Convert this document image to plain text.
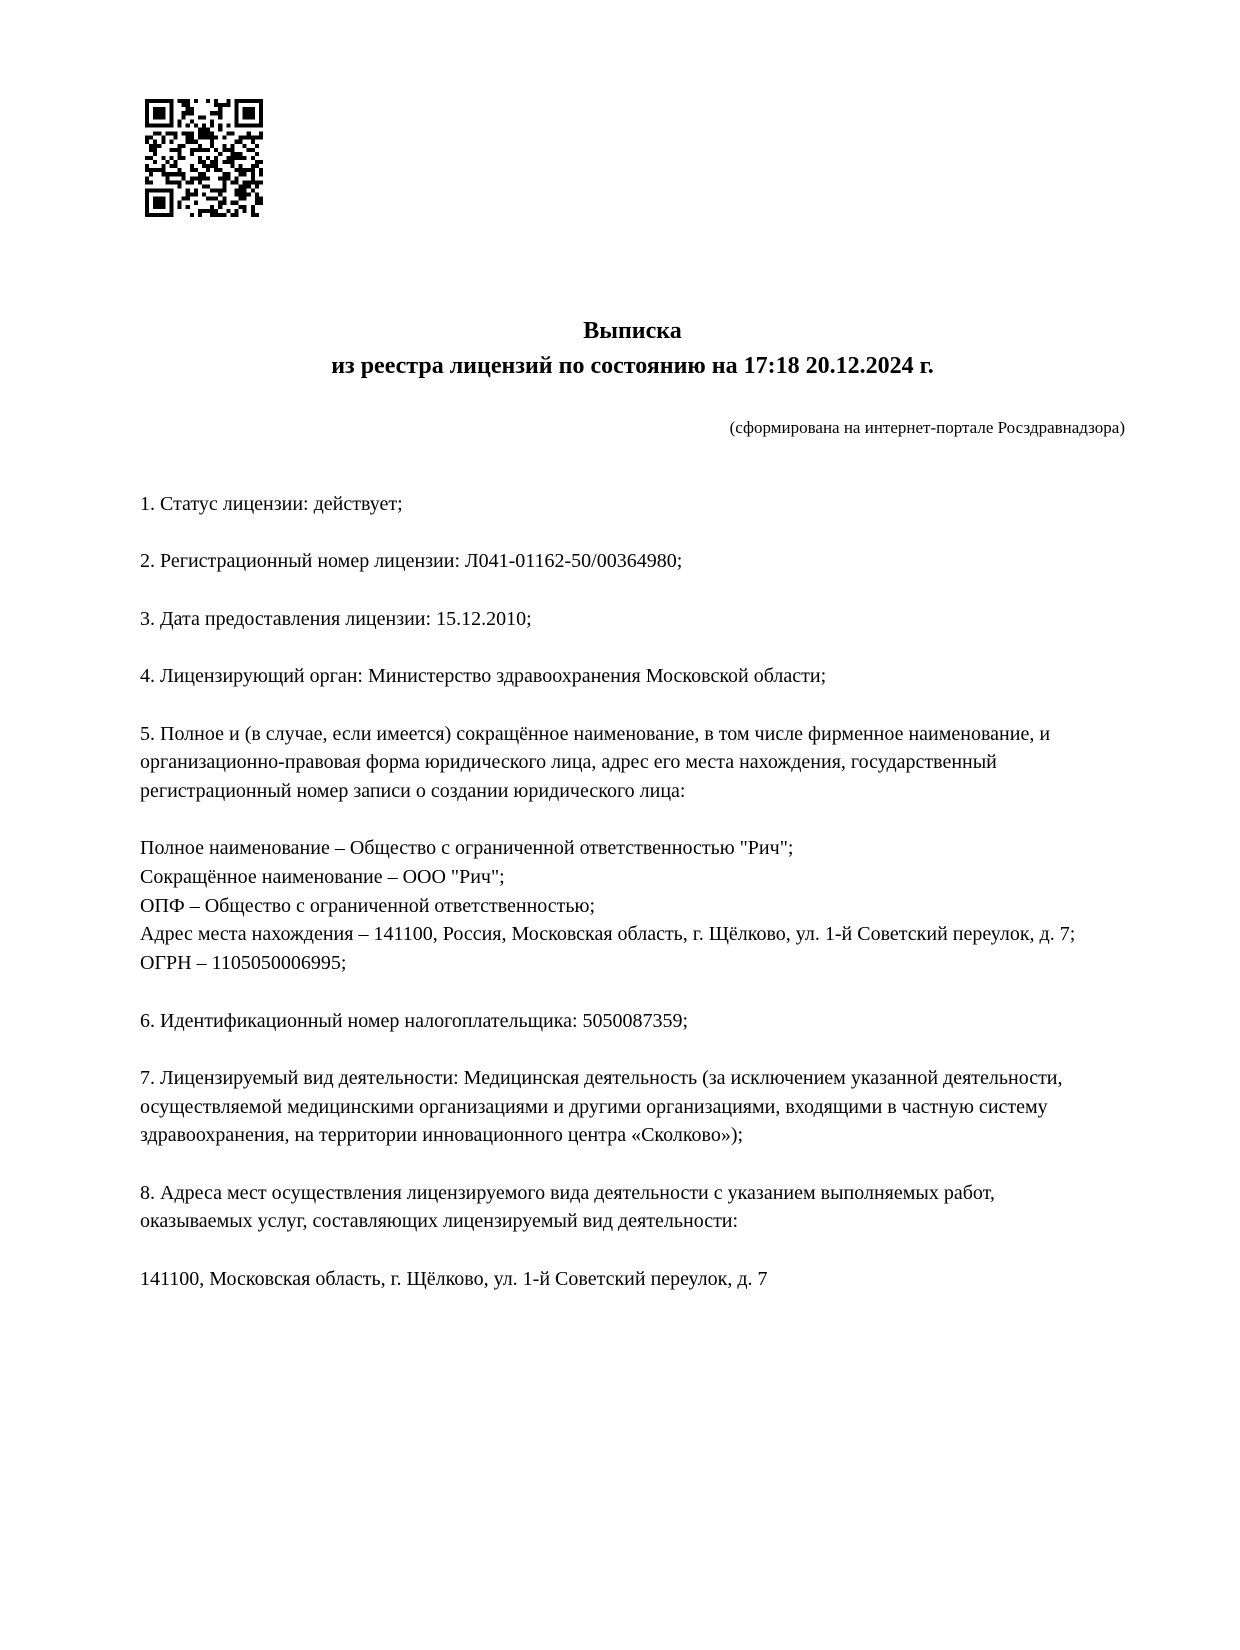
Выписка
из реестра лицензий по состоянию на 17:18 20.12.2024 г.
(сформирована на интернет-портале Росздравнадзора)
1. Статус лицензии: действует;
2. Регистрационный номер лицензии: Л041-01162-50/00364980;
3. Дата предоставления лицензии: 15.12.2010;
4. Лицензирующий орган: Министерство здравоохранения Московской области;
5. Полное и (в случае, если имеется) сокращённое наименование, в том числе фирменное наименование, и организационно-правовая форма юридического лица, адрес его места нахождения, государственный регистрационный номер записи о создании юридического лица:
Полное наименование – Общество с ограниченной ответственностью "Рич";
Сокращённое наименование – ООО "Рич";
ОПФ – Общество с ограниченной ответственностью;
Адрес места нахождения – 141100, Россия, Московская область, г. Щёлково, ул. 1-й Советский переулок, д. 7;
ОГРН – 1105050006995;
6. Идентификационный номер налогоплательщика: 5050087359;
7. Лицензируемый вид деятельности: Медицинская деятельность (за исключением указанной деятельности, осуществляемой медицинскими организациями и другими организациями, входящими в частную систему здравоохранения, на территории инновационного центра «Сколково»);
8. Адреса мест осуществления лицензируемого вида деятельности с указанием выполняемых работ, оказываемых услуг, составляющих лицензируемый вид деятельности:
141100, Московская область, г. Щёлково, ул. 1-й Советский переулок, д. 7
